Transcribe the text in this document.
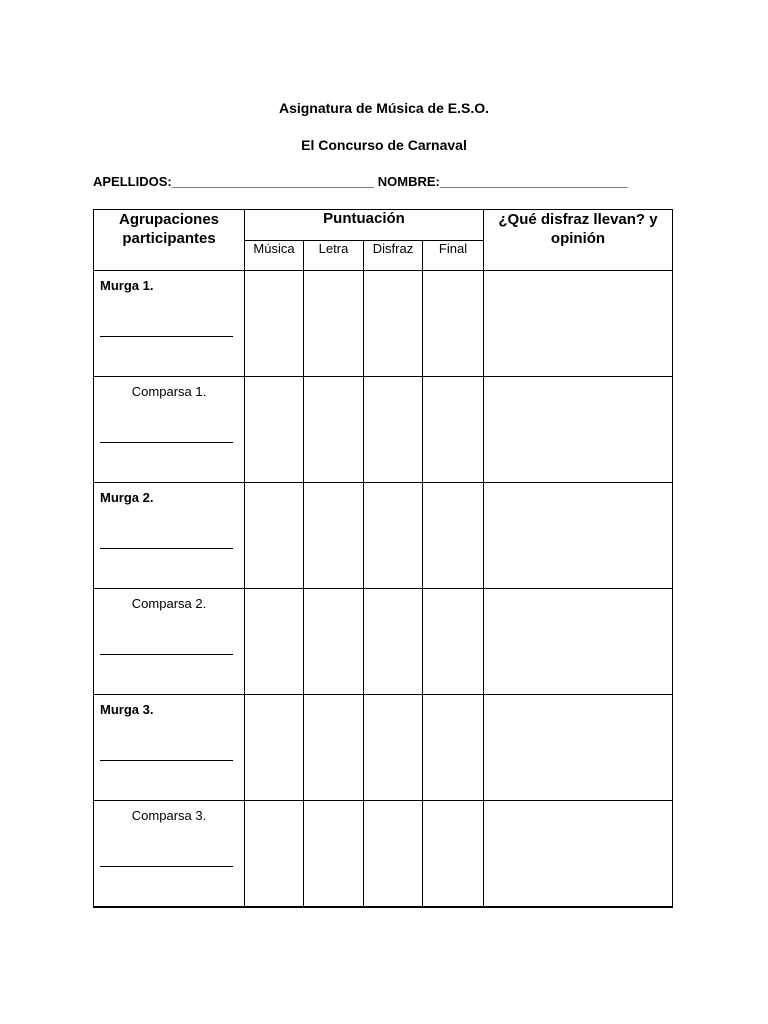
Asignatura de Música de E.S.O.
El Concurso de Carnaval
APELLIDOS:____________________________ NOMBRE:__________________________
Agrupaciones participantes	Puntuación				¿Qué disfraz llevan? y opinión
	Música	Letra	Disfraz	Final	

Murga 1.					

Comparsa 1.					

Murga 2.					

Comparsa 2.					

Murga 3.					

Comparsa 3.					
